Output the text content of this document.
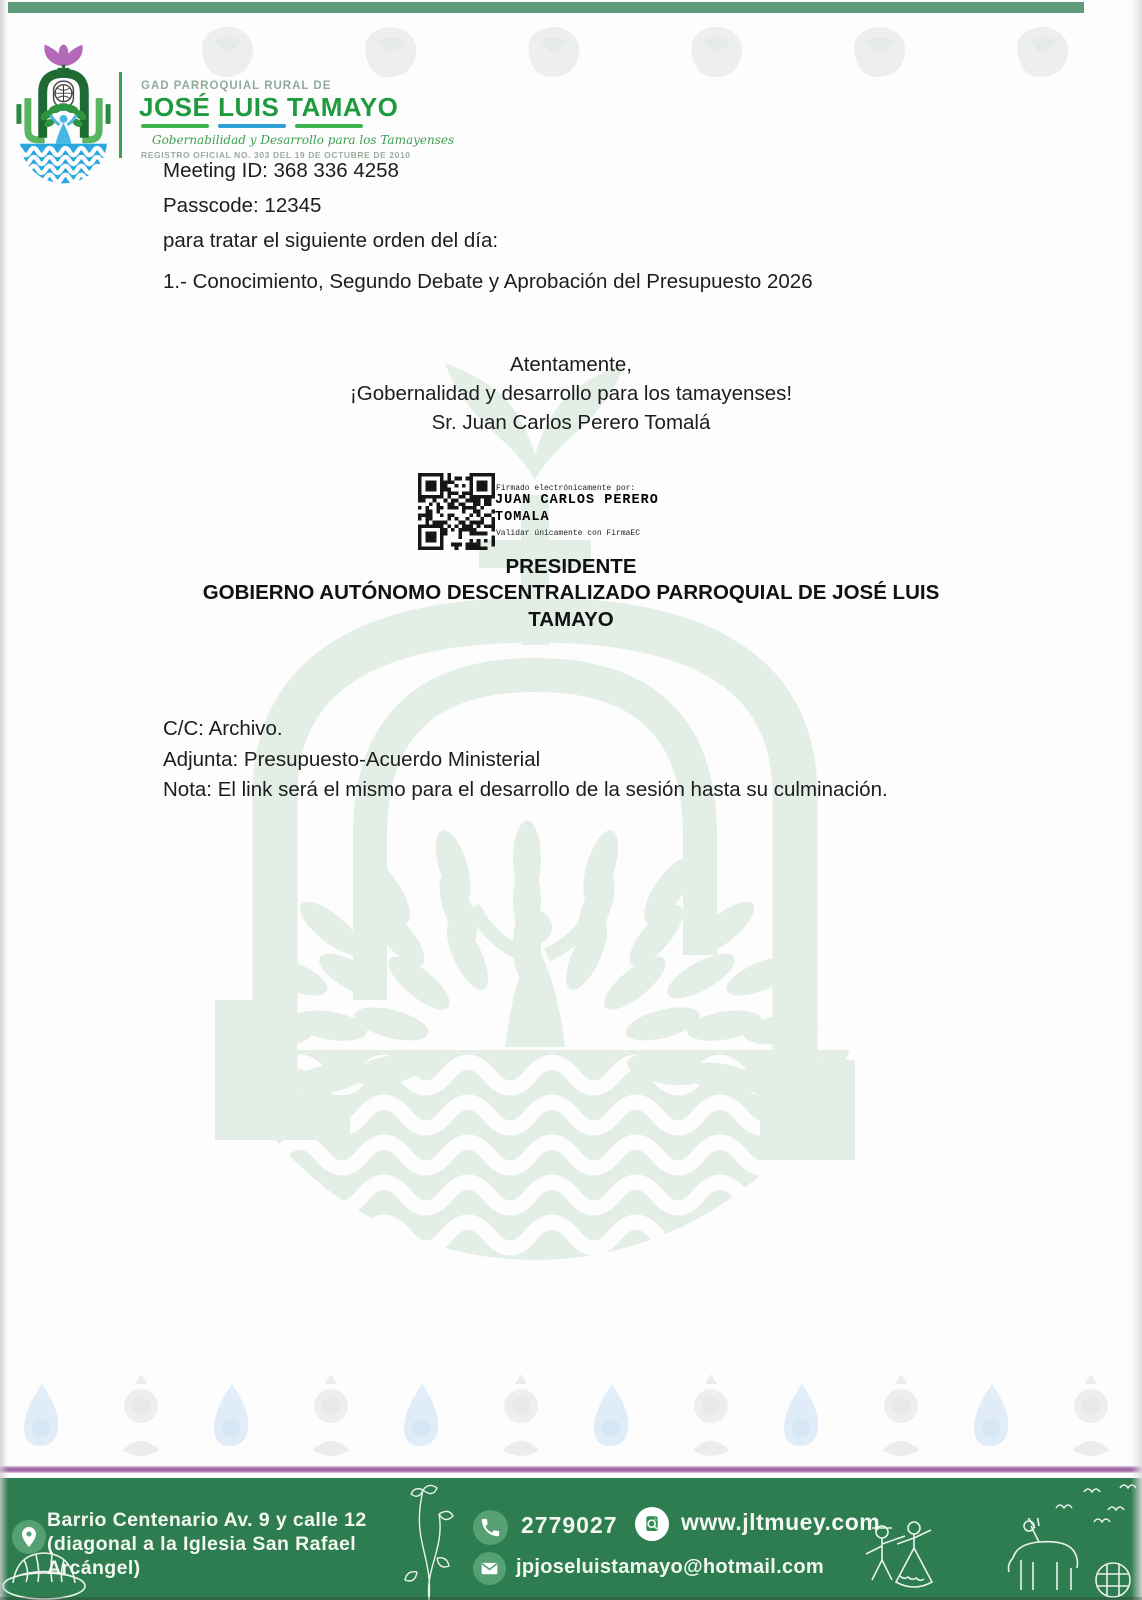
GAD PARROQUIAL RURAL DE
JOSÉ LUIS TAMAYO
Gobernabilidad y Desarrollo para los Tamayenses
REGISTRO OFICIAL NO. 303 DEL 19 DE OCTUBRE DE 2010
Meeting ID: 368 336 4258
Passcode: 12345
para tratar el siguiente orden del día:
1.- Conocimiento, Segundo Debate y Aprobación del Presupuesto 2026
Atentamente,
¡Gobernalidad y desarrollo para los tamayenses!
Sr. Juan Carlos Perero Tomalá
Firmado electrónicamente por:
JUAN CARLOS PERERO
TOMALA
Validar únicamente con FirmaEC
PRESIDENTE
GOBIERNO AUTÓNOMO DESCENTRALIZADO PARROQUIAL DE JOSÉ LUIS
TAMAYO
C/C: Archivo.
Adjunta: Presupuesto-Acuerdo Ministerial
Nota: El link será el mismo para el desarrollo de la sesión hasta su culminación.
Barrio Centenario Av. 9 y calle 12
(diagonal a la Iglesia San Rafael
Arcángel)
2779027	www.jltmuey.com
jpjoseluistamayo@hotmail.com
